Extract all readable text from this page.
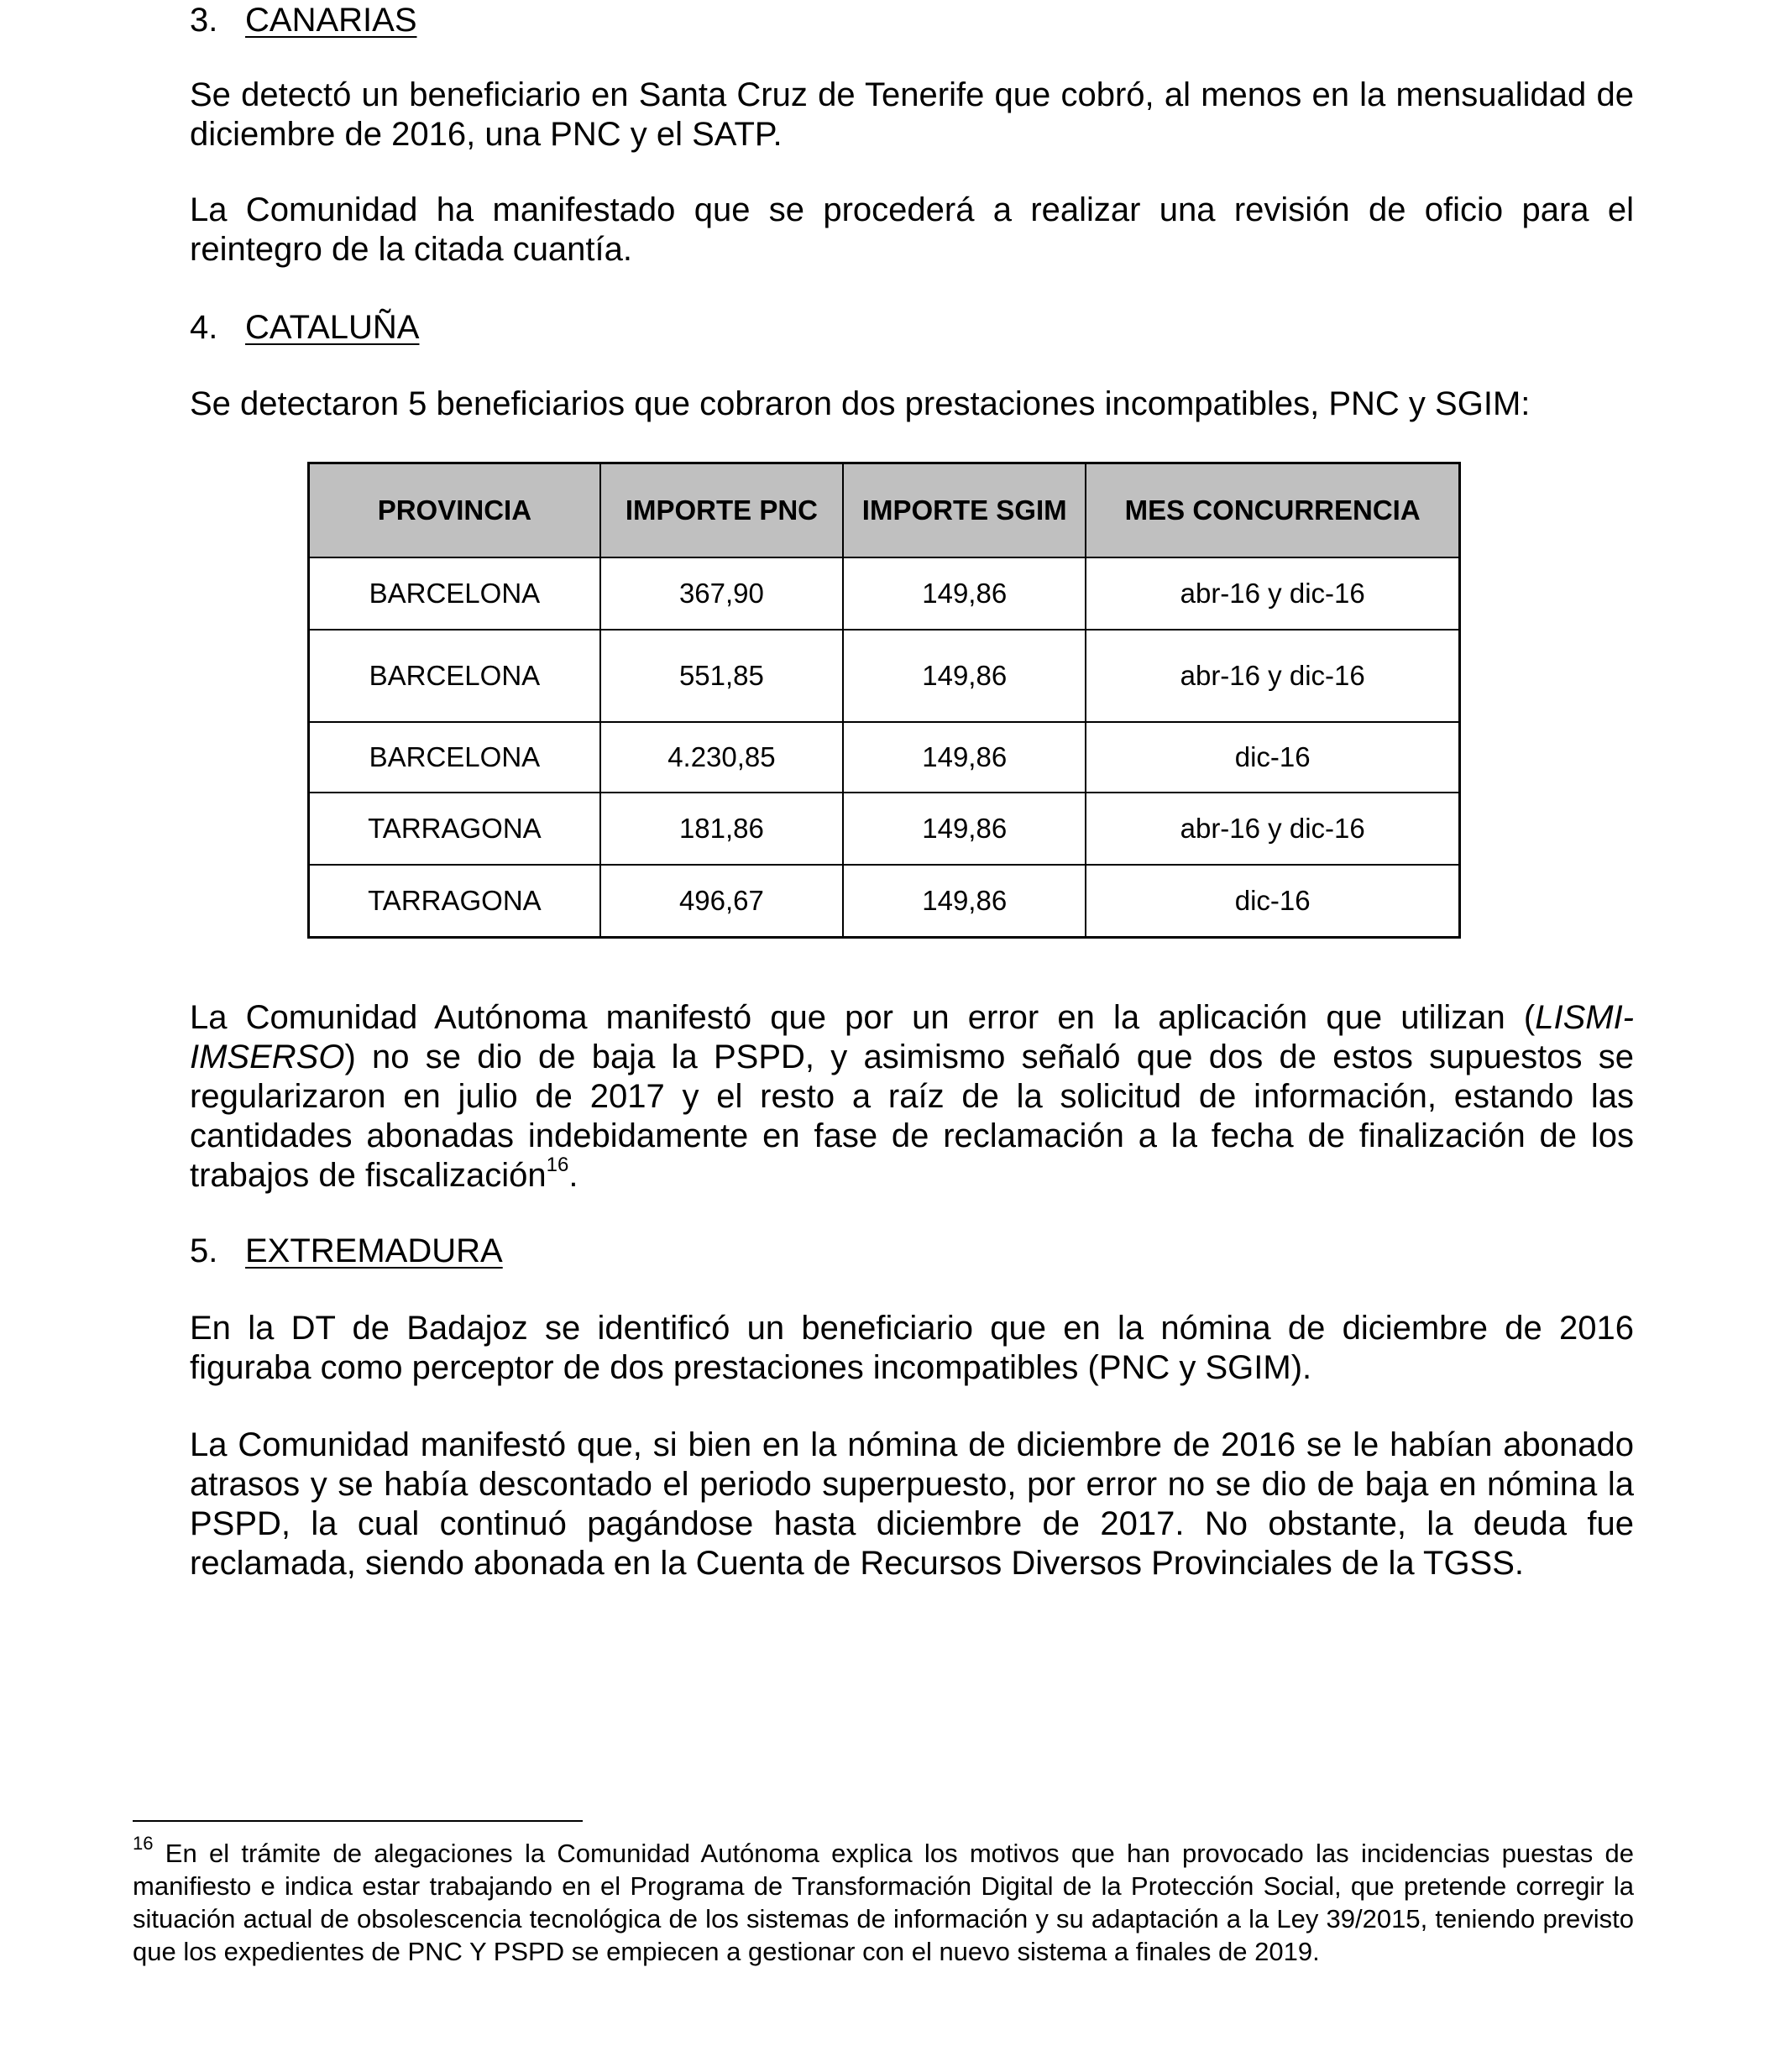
3. CANARIAS
Se detectó un beneficiario en Santa Cruz de Tenerife que cobró, al menos en la mensualidad de diciembre de 2016, una PNC y el SATP.
La Comunidad ha manifestado que se procederá a realizar una revisión de oficio para el reintegro de la citada cuantía.
4. CATALUÑA
Se detectaron 5 beneficiarios que cobraron dos prestaciones incompatibles, PNC y SGIM:
PROVINCIA	IMPORTE PNC	IMPORTE SGIM	MES CONCURRENCIA
BARCELONA	367,90	149,86	abr-16 y dic-16
BARCELONA	551,85	149,86	abr-16 y dic-16
BARCELONA	4.230,85	149,86	dic-16
TARRAGONA	181,86	149,86	abr-16 y dic-16
TARRAGONA	496,67	149,86	dic-16
La Comunidad Autónoma manifestó que por un error en la aplicación que utilizan (LISMI-IMSERSO) no se dio de baja la PSPD, y asimismo señaló que dos de estos supuestos se regularizaron en julio de 2017 y el resto a raíz de la solicitud de información, estando las cantidades abonadas indebidamente en fase de reclamación a la fecha de finalización de los trabajos de fiscalización$^{16}$.
5. EXTREMADURA
En la DT de Badajoz se identificó un beneficiario que en la nómina de diciembre de 2016 figuraba como perceptor de dos prestaciones incompatibles (PNC y SGIM).
La Comunidad manifestó que, si bien en la nómina de diciembre de 2016 se le habían abonado atrasos y se había descontado el periodo superpuesto, por error no se dio de baja en nómina la PSPD, la cual continuó pagándose hasta diciembre de 2017. No obstante, la deuda fue reclamada, siendo abonada en la Cuenta de Recursos Diversos Provinciales de la TGSS.
$^{16}$ En el trámite de alegaciones la Comunidad Autónoma explica los motivos que han provocado las incidencias puestas de manifiesto e indica estar trabajando en el Programa de Transformación Digital de la Protección Social, que pretende corregir la situación actual de obsolescencia tecnológica de los sistemas de información y su adaptación a la Ley 39/2015, teniendo previsto que los expedientes de PNC Y PSPD se empiecen a gestionar con el nuevo sistema a finales de 2019.
